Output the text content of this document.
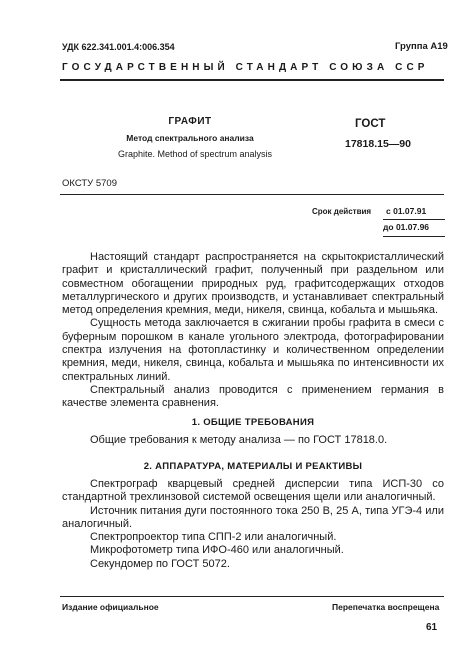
УДК 622.341.001.4:006.354	Группа А19
ГОСУДАРСТВЕННЫЙ СТАНДАРТ СОЮЗА ССР
ГРАФИТ
Метод спектрального анализа
Graphite. Method of spectrum analysis
ГОСТ
17818.15—90
ОКСТУ 5709
Срок действия с 01.07.91
до 01.07.96

Настоящий стандарт распространяется на скрытокристаллический графит и кристаллический графит, полученный при раздельном или совместном обогащении природных руд, графитсодержащих отходов металлургического и других производств, и устанавливает спектральный метод определения кремния, меди, никеля, свинца, кобальта и мышьяка.

Сущность метода заключается в сжигании пробы графита в смеси с буферным порошком в канале угольного электрода, фотографировании спектра излучения на фотопластинку и количественном определении кремния, меди, никеля, свинца, кобальта и мышьяка по интенсивности их спектральных линий.

Спектральный анализ проводится с применением германия в качестве элемента сравнения.

1. ОБЩИЕ ТРЕБОВАНИЯ

Общие требования к методу анализа — по ГОСТ 17818.0.

2. АППАРАТУРА, МАТЕРИАЛЫ И РЕАКТИВЫ

Спектрограф кварцевый средней дисперсии типа ИСП-30 со стандартной трехлинзовой системой освещения щели или аналогичный.

Источник питания дуги постоянного тока 250 В, 25 А, типа УГЭ-4 или аналогичный.

Спектропроектор типа СПП-2 или аналогичный.

Микрофотометр типа ИФО-460 или аналогичный.

Секундомер по ГОСТ 5072.

Издание официальное	Перепечатка воспрещена
61
